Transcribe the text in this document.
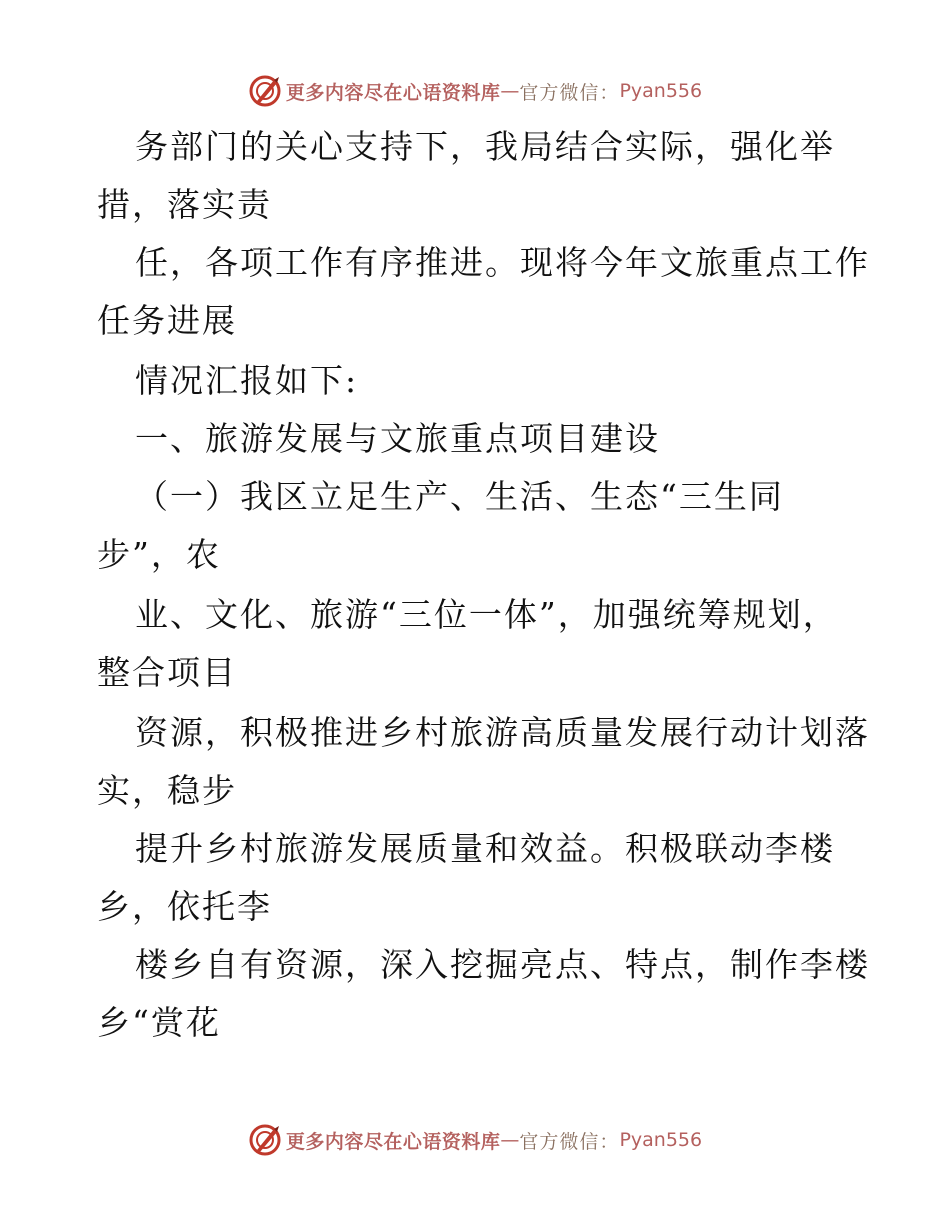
更多内容尽在心语资料库 — 官方微信： Pyan556
务部门的关心支持下，我局结合实际，强化举
措，落实责
任，各项工作有序推进。现将今年文旅重点工作
任务进展
情况汇报如下:
一、旅游发展与文旅重点项目建设
（一）我区立足生产、生活、生态“三生同
步”，农
业、文化、旅游“三位一体”，加强统筹规划，
整合项目
资源，积极推进乡村旅游高质量发展行动计划落
实，稳步
提升乡村旅游发展质量和效益。积极联动李楼
乡，依托李
楼乡自有资源，深入挖掘亮点、特点，制作李楼
乡“赏花
更多内容尽在心语资料库 — 官方微信： Pyan556
